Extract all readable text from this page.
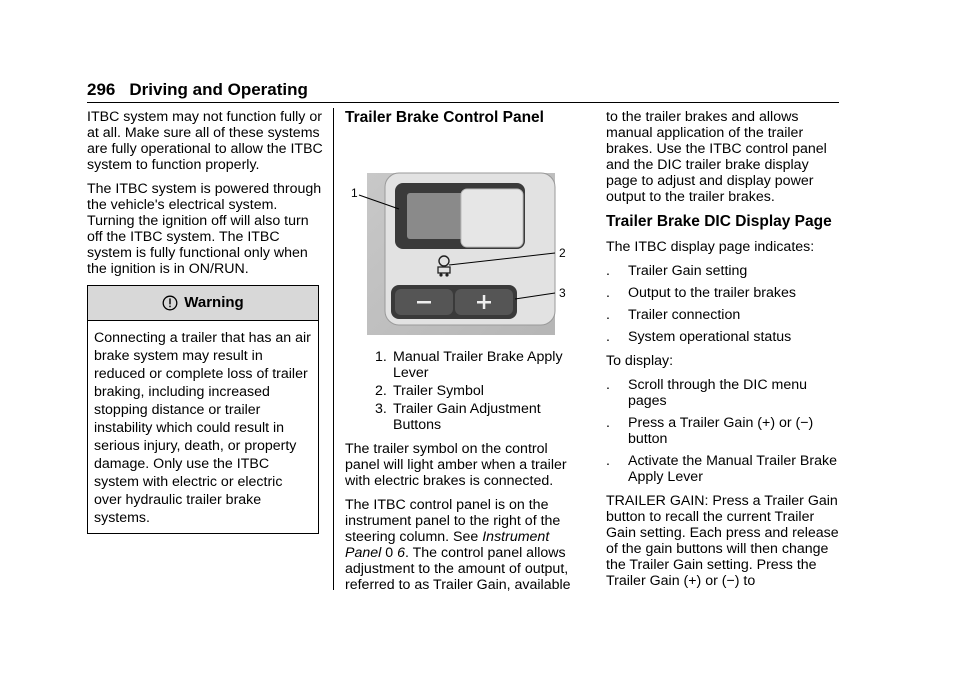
296 Driving and Operating

ITBC system may not function fully or at all. Make sure all of these systems are fully operational to allow the ITBC system to function properly.

The ITBC system is powered through the vehicle's electrical system. Turning the ignition off will also turn off the ITBC system. The ITBC system is fully functional only when the ignition is in ON/RUN.

Warning
Connecting a trailer that has an air brake system may result in reduced or complete loss of trailer braking, including increased stopping distance or trailer instability which could result in serious injury, death, or property damage. Only use the ITBC system with electric or electric over hydraulic trailer brake systems.
Trailer Brake Control Panel
1
2
3
1. Manual Trailer Brake Apply Lever
2. Trailer Symbol
3. Trailer Gain Adjustment Buttons

The trailer symbol on the control panel will light amber when a trailer with electric brakes is connected.

The ITBC control panel is on the instrument panel to the right of the steering column. See Instrument Panel 0 6. The control panel allows adjustment to the amount of output, referred to as Trailer Gain, available

to the trailer brakes and allows manual application of the trailer brakes. Use the ITBC control panel and the DIC trailer brake display page to adjust and display power output to the trailer brakes.

Trailer Brake DIC Display Page

The ITBC display page indicates:

.	Trailer Gain setting
.	Output to the trailer brakes
.	Trailer connection
.	System operational status

To display:

.	Scroll through the DIC menu pages
.	Press a Trailer Gain (+) or (−) button
.	Activate the Manual Trailer Brake Apply Lever

TRAILER GAIN: Press a Trailer Gain button to recall the current Trailer Gain setting. Each press and release of the gain buttons will then change the Trailer Gain setting. Press the Trailer Gain (+) or (−) to
